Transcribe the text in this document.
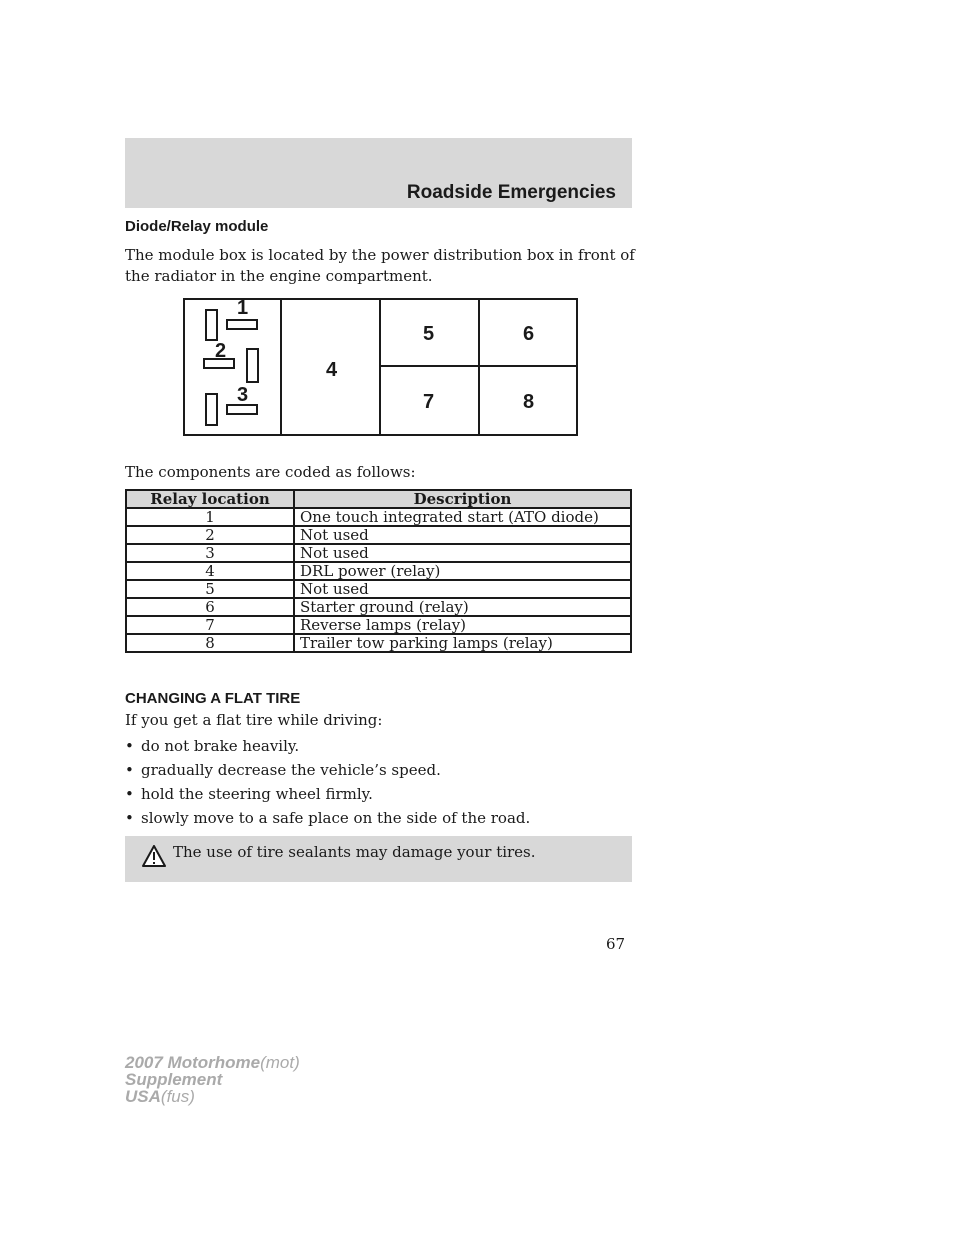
Roadside Emergencies
Diode/Relay module
The module box is located by the power distribution box in front of the radiator in the engine compartment.
1
2
3
4
5	6
7	8
The components are coded as follows:
Relay location	Description
1	One touch integrated start (ATO diode)
2	Not used
3	Not used
4	DRL power (relay)
5	Not used
6	Starter ground (relay)
7	Reverse lamps (relay)
8	Trailer tow parking lamps (relay)
CHANGING A FLAT TIRE
If you get a flat tire while driving:
• do not brake heavily.
• gradually decrease the vehicle’s speed.
• hold the steering wheel firmly.
• slowly move to a safe place on the side of the road.
The use of tire sealants may damage your tires.
67
2007 Motorhome(mot)
Supplement
USA(fus)
